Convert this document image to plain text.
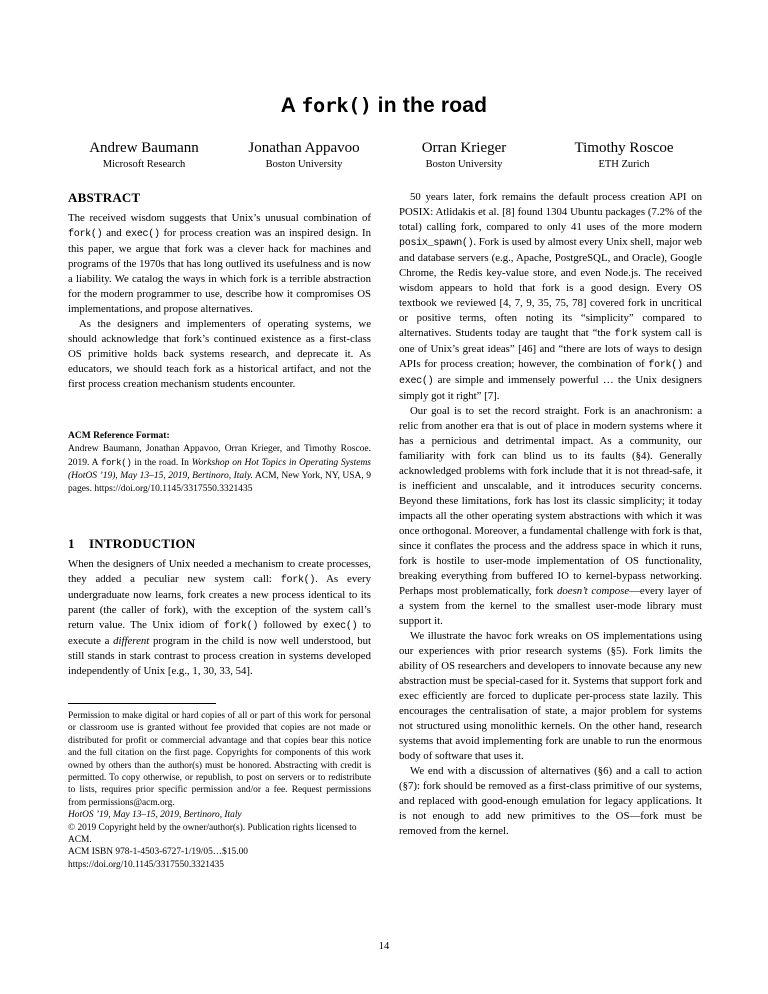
A fork() in the road
Andrew Baumann
Microsoft Research
Jonathan Appavoo
Boston University
Orran Krieger
Boston University
Timothy Roscoe
ETH Zurich
ABSTRACT

The received wisdom suggests that Unix’s unusual combination of fork() and exec() for process creation was an inspired design. In this paper, we argue that fork was a clever hack for machines and programs of the 1970s that has long outlived its usefulness and is now a liability. We catalog the ways in which fork is a terrible abstraction for the modern programmer to use, describe how it compromises OS implementations, and propose alternatives.

As the designers and implementers of operating systems, we should acknowledge that fork’s continued existence as a first-class OS primitive holds back systems research, and deprecate it. As educators, we should teach fork as a historical artifact, and not the first process creation mechanism students encounter.

ACM Reference Format:

Andrew Baumann, Jonathan Appavoo, Orran Krieger, and Timothy Roscoe. 2019. A fork() in the road. In Workshop on Hot Topics in Operating Systems (HotOS ’19), May 13–15, 2019, Bertinoro, Italy. ACM, New York, NY, USA, 9 pages. https://doi.org/10.1145/3317550.3321435

1 INTRODUCTION

When the designers of Unix needed a mechanism to create processes, they added a peculiar new system call: fork(). As every undergraduate now learns, fork creates a new process identical to its parent (the caller of fork), with the exception of the system call’s return value. The Unix idiom of fork() followed by exec() to execute a different program in the child is now well understood, but still stands in stark contrast to process creation in systems developed independently of Unix [e.g., 1, 30, 33, 54].

Permission to make digital or hard copies of all or part of this work for personal or classroom use is granted without fee provided that copies are not made or distributed for profit or commercial advantage and that copies bear this notice and the full citation on the first page. Copyrights for components of this work owned by others than the author(s) must be honored. Abstracting with credit is permitted. To copy otherwise, or republish, to post on servers or to redistribute to lists, requires prior specific permission and/or a fee. Request permissions from permissions@acm.org.

HotOS ’19, May 13–15, 2019, Bertinoro, Italy

© 2019 Copyright held by the owner/author(s). Publication rights licensed to ACM.

ACM ISBN 978-1-4503-6727-1/19/05…$15.00

https://doi.org/10.1145/3317550.3321435

50 years later, fork remains the default process creation API on POSIX: Atlidakis et al. [8] found 1304 Ubuntu packages (7.2% of the total) calling fork, compared to only 41 uses of the more modern posix_spawn(). Fork is used by almost every Unix shell, major web and database servers (e.g., Apache, PostgreSQL, and Oracle), Google Chrome, the Redis key-value store, and even Node.js. The received wisdom appears to hold that fork is a good design. Every OS textbook we reviewed [4, 7, 9, 35, 75, 78] covered fork in uncritical or positive terms, often noting its “simplicity” compared to alternatives. Students today are taught that “the fork system call is one of Unix’s great ideas” [46] and “there are lots of ways to design APIs for process creation; however, the combination of fork() and exec() are simple and immensely powerful … the Unix designers simply got it right” [7].

Our goal is to set the record straight. Fork is an anachronism: a relic from another era that is out of place in modern systems where it has a pernicious and detrimental impact. As a community, our familiarity with fork can blind us to its faults (§4). Generally acknowledged problems with fork include that it is not thread-safe, it is inefficient and unscalable, and it introduces security concerns. Beyond these limitations, fork has lost its classic simplicity; it today impacts all the other operating system abstractions with which it was once orthogonal. Moreover, a fundamental challenge with fork is that, since it conflates the process and the address space in which it runs, fork is hostile to user-mode implementation of OS functionality, breaking everything from buffered IO to kernel-bypass networking. Perhaps most problematically, fork doesn’t compose—every layer of a system from the kernel to the smallest user-mode library must support it.

We illustrate the havoc fork wreaks on OS implementations using our experiences with prior research systems (§5). Fork limits the ability of OS researchers and developers to innovate because any new abstraction must be special-cased for it. Systems that support fork and exec efficiently are forced to duplicate per-process state lazily. This encourages the centralisation of state, a major problem for systems not structured using monolithic kernels. On the other hand, research systems that avoid implementing fork are unable to run the enormous body of software that uses it.

We end with a discussion of alternatives (§6) and a call to action (§7): fork should be removed as a first-class primitive of our systems, and replaced with good-enough emulation for legacy applications. It is not enough to add new primitives to the OS—fork must be removed from the kernel.

14
